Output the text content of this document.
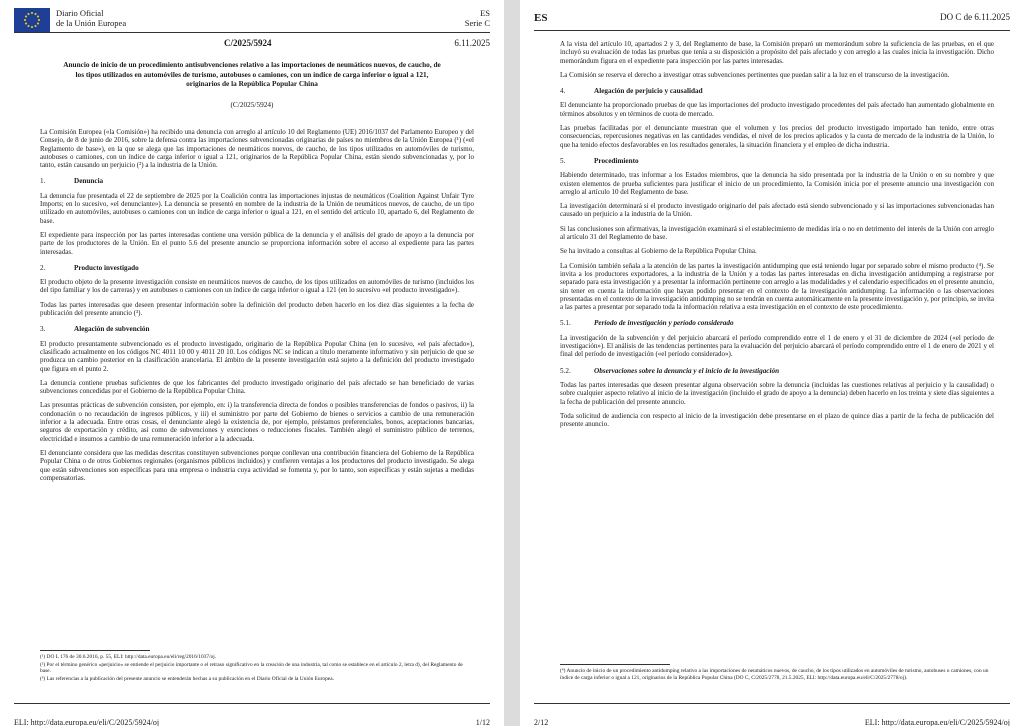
Diario Oficial
de la Unión Europea
ES
Serie C
C/2025/5924	6.11.2025
Anuncio de inicio de un procedimiento antisubvenciones relativo a las importaciones de neumáticos nuevos, de caucho, de los tipos utilizados en automóviles de turismo, autobuses o camiones, con un índice de carga inferior o igual a 121, originarios de la República Popular China
(C/2025/5924)

La Comisión Europea («la Comisión») ha recibido una denuncia con arreglo al artículo 10 del Reglamento (UE) 2016/1037 del Parlamento Europeo y del Consejo, de 8 de junio de 2016, sobre la defensa contra las importaciones subvencionadas originarias de países no miembros de la Unión Europea (¹) («el Reglamento de base»), en la que se alega que las importaciones de neumáticos nuevos, de caucho, de los tipos utilizados en automóviles de turismo, autobuses o camiones, con un índice de carga inferior o igual a 121, originarios de la República Popular China, están siendo subvencionadas y, por lo tanto, están causando un perjuicio (²) a la industria de la Unión.

1.	Denuncia

La denuncia fue presentada el 22 de septiembre de 2025 por la Coalición contra las importaciones injustas de neumáticos (Coalition Against Unfair Tyre Imports; en lo sucesivo, «el denunciante»). La denuncia se presentó en nombre de la industria de la Unión de neumáticos nuevos, de caucho, de un tipo utilizado en automóviles, autobuses o camiones con un índice de carga inferior o igual a 121, en el sentido del artículo 10, apartado 6, del Reglamento de base.

El expediente para inspección por las partes interesadas contiene una versión pública de la denuncia y el análisis del grado de apoyo a la denuncia por parte de los productores de la Unión. En el punto 5.6 del presente anuncio se proporciona información sobre el acceso al expediente para las partes interesadas.

2.	Producto investigado

El producto objeto de la presente investigación consiste en neumáticos nuevos de caucho, de los tipos utilizados en automóviles de turismo (incluidos los del tipo familiar y los de carreras) y en autobuses o camiones con un índice de carga inferior o igual a 121 (en lo sucesivo «el producto investigado»).

Todas las partes interesadas que deseen presentar información sobre la definición del producto deben hacerlo en los diez días siguientes a la fecha de publicación del presente anuncio (³).

3.	Alegación de subvención

El producto presuntamente subvencionado es el producto investigado, originario de la República Popular China (en lo sucesivo, «el país afectado»), clasificado actualmente en los códigos NC 4011 10 00 y 4011 20 10. Los códigos NC se indican a título meramente informativo y sin perjuicio de que se produzca un cambio posterior en la clasificación arancelaria. El ámbito de la presente investigación está sujeto a la definición del producto investigado que figura en el punto 2.

La denuncia contiene pruebas suficientes de que los fabricantes del producto investigado originario del país afectado se han beneficiado de varias subvenciones concedidas por el Gobierno de la República Popular China.

Las presuntas prácticas de subvención consisten, por ejemplo, en: i) la transferencia directa de fondos o posibles transferencias de fondos o pasivos, ii) la condonación o no recaudación de ingresos públicos, y iii) el suministro por parte del Gobierno de bienes o servicios a cambio de una remuneración inferior a la adecuada. Entre otras cosas, el denunciante alegó la existencia de, por ejemplo, préstamos preferenciales, bonos, aceptaciones bancarias, seguros de exportación y crédito, así como de subvenciones y exenciones o reducciones fiscales. También alegó el suministro público de terrenos, electricidad e insumos a cambio de una remuneración inferior a la adecuada.

El denunciante considera que las medidas descritas constituyen subvenciones porque conllevan una contribución financiera del Gobierno de la República Popular China o de otros Gobiernos regionales (organismos públicos incluidos) y confieren ventajas a los productores del producto investigado. Se alega que están subvenciones son específicas para una empresa o industria cuya actividad se fomenta y, por lo tanto, son específicas y están sujetas a medidas compensatorias.

(¹) DO L 176 de 30.6.2016, p. 55, ELI: http://data.europa.eu/eli/reg/2016/1037/oj.
(²) Por el término genérico «perjuicio» se entiende el perjuicio importante o el retraso significativo en la creación de una industria, tal como se establece en el artículo 2, letra d), del Reglamento de base.
(³) Las referencias a la publicación del presente anuncio se entenderán hechas a su publicación en el Diario Oficial de la Unión Europea.
ELI: http://data.europa.eu/eli/C/2025/5924/oj	1/12
ES	DO C de 6.11.2025

A la vista del artículo 10, apartados 2 y 3, del Reglamento de base, la Comisión preparó un memorándum sobre la suficiencia de las pruebas, en el que incluyó su evaluación de todas las pruebas que tenía a su disposición a propósito del país afectado y con arreglo a las cuales inicia la investigación. Dicho memorándum figura en el expediente para inspección por las partes interesadas.

La Comisión se reserva el derecho a investigar otras subvenciones pertinentes que puedan salir a la luz en el transcurso de la investigación.

4.	Alegación de perjuicio y causalidad

El denunciante ha proporcionado pruebas de que las importaciones del producto investigado procedentes del país afectado han aumentado globalmente en términos absolutos y en términos de cuota de mercado.

Las pruebas facilitadas por el denunciante muestran que el volumen y los precios del producto investigado importado han tenido, entre otras consecuencias, repercusiones negativas en las cantidades vendidas, el nivel de los precios aplicados y la cuota de mercado de la industria de la Unión, lo que ha tenido efectos desfavorables en los resultados generales, la situación financiera y el empleo de dicha industria.

5.	Procedimiento

Habiendo determinado, tras informar a los Estados miembros, que la denuncia ha sido presentada por la industria de la Unión o en su nombre y que existen elementos de prueba suficientes para justificar el inicio de un procedimiento, la Comisión inicia por el presente anuncio una investigación con arreglo al artículo 10 del Reglamento de base.

La investigación determinará si el producto investigado originario del país afectado está siendo subvencionado y si las importaciones subvencionadas han causado un perjuicio a la industria de la Unión.

Si las conclusiones son afirmativas, la investigación examinará si el establecimiento de medidas iría o no en detrimento del interés de la Unión con arreglo al artículo 31 del Reglamento de base.

Se ha invitado a consultas al Gobierno de la República Popular China.

La Comisión también señala a la atención de las partes la investigación antidumping que está teniendo lugar por separado sobre el mismo producto (⁴). Se invita a los productores exportadores, a la industria de la Unión y a todas las partes interesadas en dicha investigación antidumping a registrarse por separado para esta investigación y a presentar la información pertinente con arreglo a las modalidades y el calendario especificados en el presente anuncio, sin tener en cuenta la información que hayan podido presentar en el contexto de la investigación antidumping. La información o las observaciones presentadas en el contexto de la investigación antidumping no se tendrán en cuenta automáticamente en la presente investigación y, por principio, se invita a las partes a presentar por separado toda la información relativa a esta investigación en el contexto de este procedimiento.

5.1.	Período de investigación y período considerado

La investigación de la subvención y del perjuicio abarcará el período comprendido entre el 1 de enero y el 31 de diciembre de 2024 («el período de investigación»). El análisis de las tendencias pertinentes para la evaluación del perjuicio abarcará el período comprendido entre el 1 de enero de 2021 y el final del período de investigación («el período considerado»).

5.2.	Observaciones sobre la denuncia y el inicio de la investigación

Todas las partes interesadas que deseen presentar alguna observación sobre la denuncia (incluidas las cuestiones relativas al perjuicio y la causalidad) o sobre cualquier aspecto relativo al inicio de la investigación (incluido el grado de apoyo a la denuncia) deben hacerlo en los treinta y siete días siguientes a la fecha de publicación del presente anuncio.

Toda solicitud de audiencia con respecto al inicio de la investigación debe presentarse en el plazo de quince días a partir de la fecha de publicación del presente anuncio.

(⁴) Anuncio de inicio de un procedimiento antidumping relativo a las importaciones de neumáticos nuevos, de caucho, de los tipos utilizados en automóviles de turismo, autobuses o camiones, con un índice de carga inferior o igual a 121, originarios de la República Popular China (DO C, C/2025/2778, 21.5.2025, ELI: http://data.europa.eu/eli/C/2025/2778/oj).
2/12	ELI: http://data.europa.eu/eli/C/2025/5924/oj
